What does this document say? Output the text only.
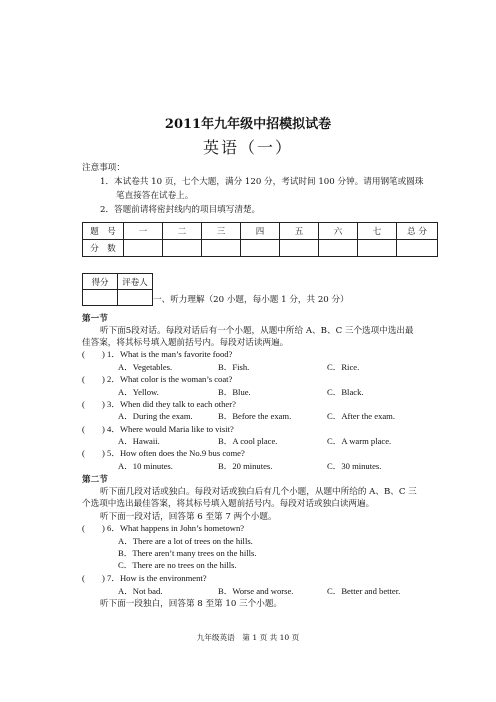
2011年九年级中招模拟试卷
英语（一）
注意事项：
1．本试卷共 10 页，七个大题，满分 120 分，考试时间 100 分钟。请用钢笔或圆珠
笔直接答在试卷上。
2．答题前请将密封线内的项目填写清楚。
题　号	一	二	三	四	五	六	七	总 分
分　数								
得分	评卷人

一、听力理解（20 小题，每小题 1 分，共 20 分）
第一节
听下面5段对话。每段对话后有一个小题，从题中所给 A、B、C 三个选项中选出最
佳答案，将其标号填入题前括号内。每段对话读两遍。
(　　) 1．What is the man’s favorite food?
A．Vegetables.	B．Fish.	C．Rice.
(　　) 2．What color is the woman’s coat?
A．Yellow.	B．Blue.	C．Black.
(　　) 3．When did they talk to each other?
A．During the exam.	B．Before the exam.	C．After the exam.
(　　) 4．Where would Maria like to visit?
A．Hawaii.	B．A cool place.	C．A warm place.
(　　) 5．How often does the No.9 bus come?
A．10 minutes.	B．20 minutes.	C．30 minutes.
第二节
听下面几段对话或独白。每段对话或独白后有几个小题，从题中所给的 A、B、C 三
个选项中选出最佳答案，将其标号填入题前括号内。每段对话或独白读两遍。
听下面一段对话，回答第 6 至第 7 两个小题。
(　　) 6．What happens in John’s hometown?
A．There are a lot of trees on the hills.
B．There aren’t many trees on the hills.
C．There are no trees on the hills.
(　　) 7．How is the environment?
A．Not bad.	B．Worse and worse.	C．Better and better.
听下面一段独白，回答第 8 至第 10 三个小题。
九年级英语　第 1 页 共 10 页
